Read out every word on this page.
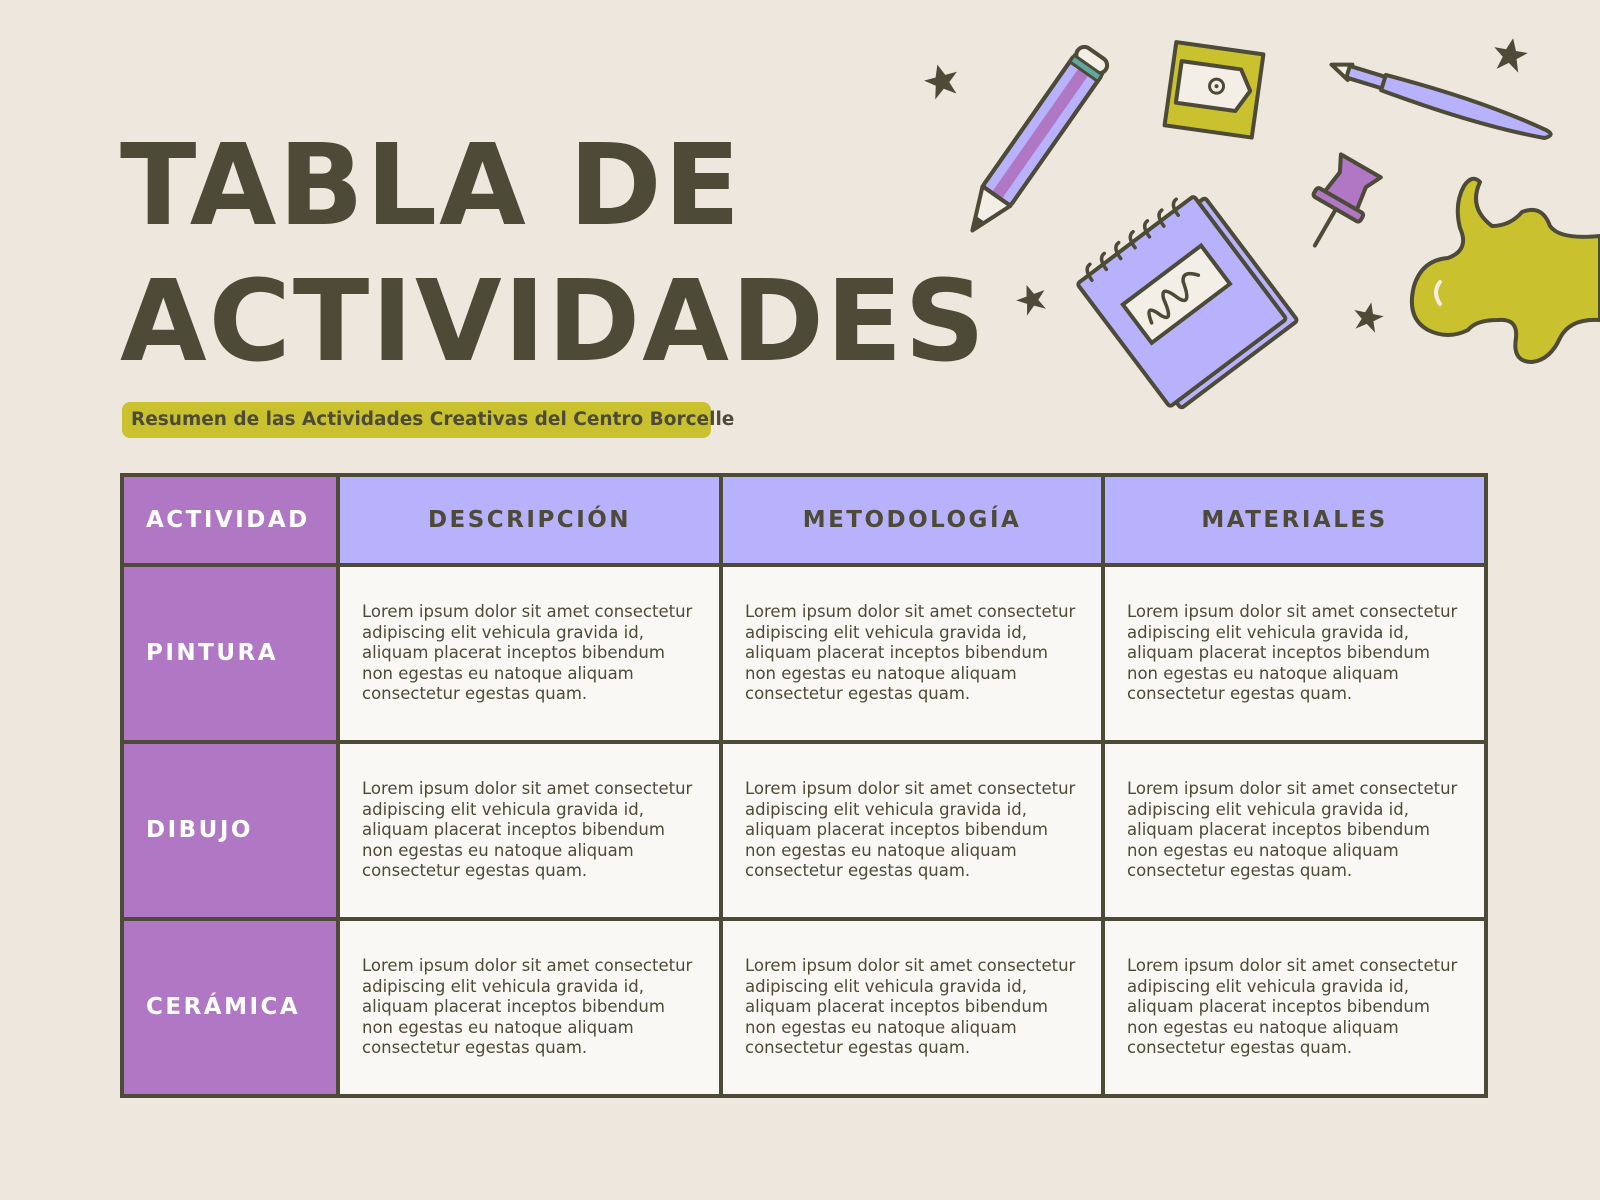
TABLA DE
ACTIVIDADES
Resumen de las Actividades Creativas del Centro Borcelle
ACTIVIDAD	DESCRIPCIÓN	METODOLOGÍA	MATERIALES
PINTURA	Lorem ipsum dolor sit amet consectetur adipiscing elit vehicula gravida id, aliquam placerat inceptos bibendum non egestas eu natoque aliquam consectetur egestas quam.	Lorem ipsum dolor sit amet consectetur adipiscing elit vehicula gravida id, aliquam placerat inceptos bibendum non egestas eu natoque aliquam consectetur egestas quam.	Lorem ipsum dolor sit amet consectetur adipiscing elit vehicula gravida id, aliquam placerat inceptos bibendum non egestas eu natoque aliquam consectetur egestas quam.
DIBUJO	Lorem ipsum dolor sit amet consectetur adipiscing elit vehicula gravida id, aliquam placerat inceptos bibendum non egestas eu natoque aliquam consectetur egestas quam.	Lorem ipsum dolor sit amet consectetur adipiscing elit vehicula gravida id, aliquam placerat inceptos bibendum non egestas eu natoque aliquam consectetur egestas quam.	Lorem ipsum dolor sit amet consectetur adipiscing elit vehicula gravida id, aliquam placerat inceptos bibendum non egestas eu natoque aliquam consectetur egestas quam.
CERÁMICA	Lorem ipsum dolor sit amet consectetur adipiscing elit vehicula gravida id, aliquam placerat inceptos bibendum non egestas eu natoque aliquam consectetur egestas quam.	Lorem ipsum dolor sit amet consectetur adipiscing elit vehicula gravida id, aliquam placerat inceptos bibendum non egestas eu natoque aliquam consectetur egestas quam.	Lorem ipsum dolor sit amet consectetur adipiscing elit vehicula gravida id, aliquam placerat inceptos bibendum non egestas eu natoque aliquam consectetur egestas quam.
